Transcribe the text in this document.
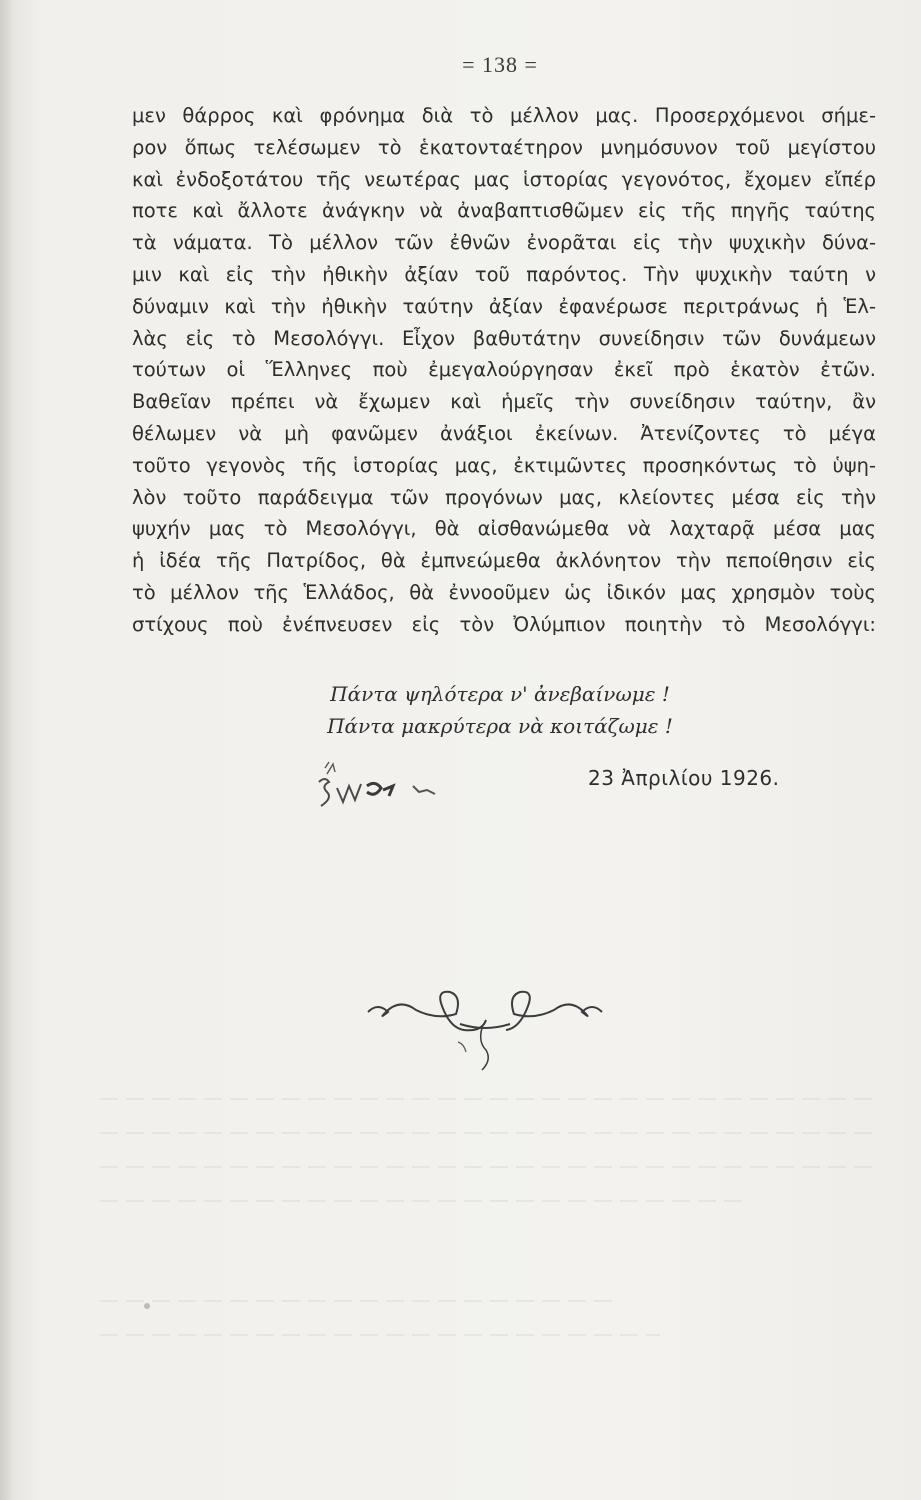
= 138 =
μεν θάρρος καὶ φρόνημα διὰ τὸ μέλλον μας. Προσερχόμενοι σήμε-
ρον ὅπως τελέσωμεν τὸ ἑκατονταέτηρον μνημόσυνον τοῦ μεγίστου
καὶ ἐνδοξοτάτου τῆς νεωτέρας μας ἱστορίας γεγονότος, ἔχομεν εἴπέρ
ποτε καὶ ἄλλοτε ἀνάγκην νὰ ἀναβαπτισθῶμεν εἰς τῆς πηγῆς ταύτης
τὰ νάματα. Τὸ μέλλον τῶν ἐθνῶν ἐνορᾶται εἰς τὴν ψυχικὴν δύνα-
μιν καὶ εἰς τὴν ἠθικὴν ἀξίαν τοῦ παρόντος. Τὴν ψυχικὴν ταύτη ν
δύναμιν καὶ τὴν ἠθικὴν ταύτην ἀξίαν ἐφανέρωσε περιτράνως ἡ Ἑλ-
λὰς εἰς τὸ Μεσολόγγι. Εἶχον βαθυτάτην συνείδησιν τῶν δυνάμεων
τούτων οἱ Ἕλληνες ποὺ ἐμεγαλούργησαν ἐκεῖ πρὸ ἑκατὸν ἐτῶν.
Βαθεῖαν πρέπει νὰ ἔχωμεν καὶ ἡμεῖς τὴν συνείδησιν ταύτην, ἂν
θέλωμεν νὰ μὴ φανῶμεν ἀνάξιοι ἐκείνων. Ἀτενίζοντες τὸ μέγα
τοῦτο γεγονὸς τῆς ἱστορίας μας, ἐκτιμῶντες προσηκόντως τὸ ὑψη-
λὸν τοῦτο παράδειγμα τῶν προγόνων μας, κλείοντες μέσα εἰς τὴν
ψυχήν μας τὸ Μεσολόγγι, θὰ αἰσθανώμεθα νὰ λαχταρᾷ μέσα μας
ἡ ἰδέα τῆς Πατρίδος, θὰ ἐμπνεώμεθα ἀκλόνητον τὴν πεποίθησιν εἰς
τὸ μέλλον τῆς Ἑλλάδος, θὰ ἐννοοῦμεν ὡς ἰδικόν μας χρησμὸν τοὺς
στίχους ποὺ ἐνέπνευσεν εἰς τὸν Ὀλύμπιον ποιητὴν τὸ Μεσολόγγι:
Πάντα ψηλότερα ν' ἀνεβαίνωμε !
Πάντα μακρύτερα νὰ κοιτάζωμε !
23 Ἀπριλίου 1926.
